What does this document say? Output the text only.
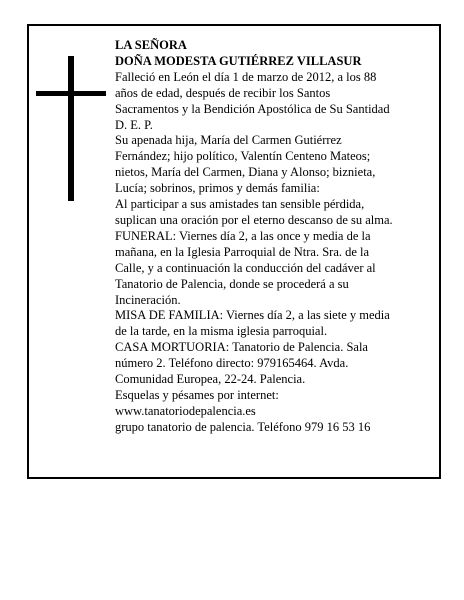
LA SEÑORA
DOÑA MODESTA GUTIÉRREZ VILLASUR
Falleció en León el día 1 de marzo de 2012, a los 88
años de edad, después de recibir los Santos
Sacramentos y la Bendición Apostólica de Su Santidad
D. E. P.
Su apenada hija, María del Carmen Gutiérrez
Fernández; hijo político, Valentín Centeno Mateos;
nietos, María del Carmen, Diana y Alonso; biznieta,
Lucía; sobrinos, primos y demás familia:
Al participar a sus amistades tan sensible pérdida,
suplican una oración por el eterno descanso de su alma.
FUNERAL: Viernes día 2, a las once y media de la
mañana, en la Iglesia Parroquial de Ntra. Sra. de la
Calle, y a continuación la conducción del cadáver al
Tanatorio de Palencia, donde se procederá a su
Incineración.
MISA DE FAMILIA: Viernes día 2, a las siete y media
de la tarde, en la misma iglesia parroquial.
CASA MORTUORIA: Tanatorio de Palencia. Sala
número 2. Teléfono directo: 979165464. Avda.
Comunidad Europea, 22-24. Palencia.
Esquelas y pésames por internet:
www.tanatoriodepalencia.es
grupo tanatorio de palencia. Teléfono 979 16 53 16
